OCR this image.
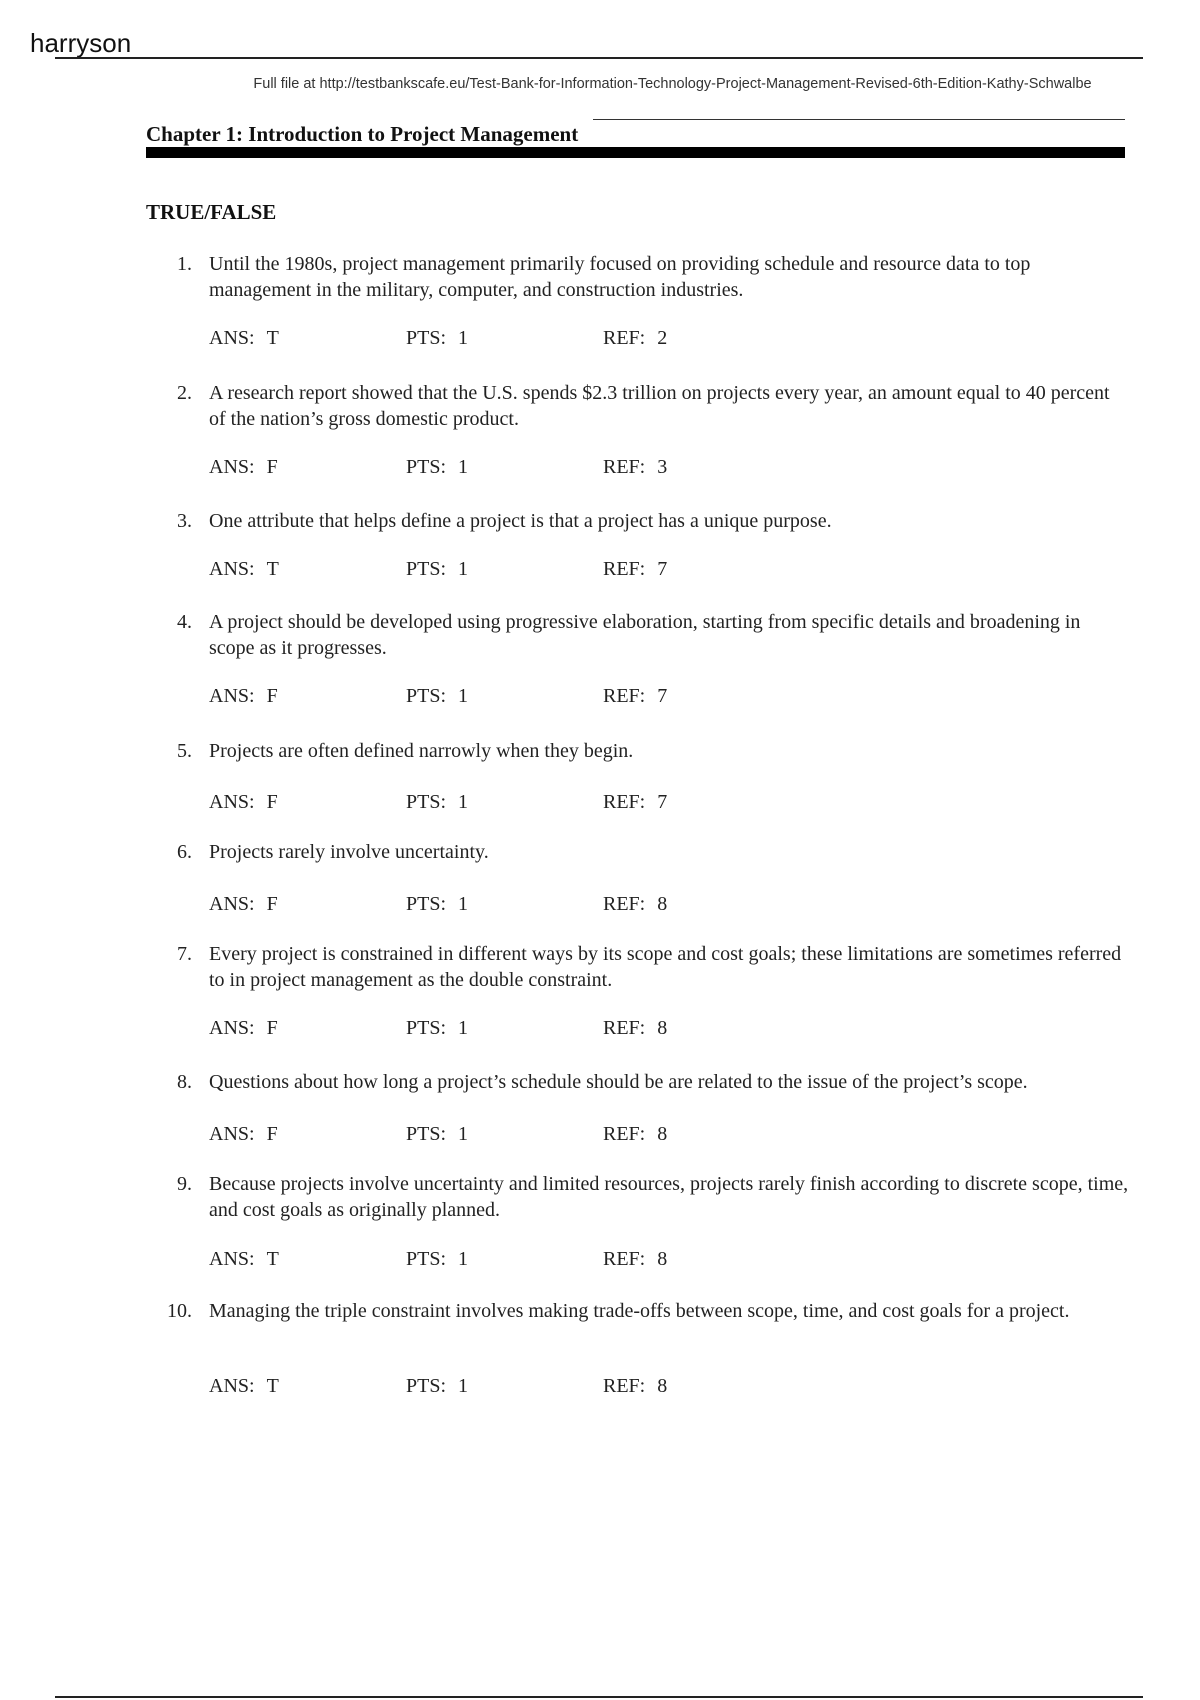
harryson
Full file at http://testbankscafe.eu/Test-Bank-for-Information-Technology-Project-Management-Revised-6th-Edition-Kathy-Schwalbe
Chapter 1: Introduction to Project Management
TRUE/FALSE
1. Until the 1980s, project management primarily focused on providing schedule and resource data to top management in the military, computer, and construction industries.
ANS: T	PTS: 1	REF: 2
2. A research report showed that the U.S. spends $2.3 trillion on projects every year, an amount equal to 40 percent of the nation’s gross domestic product.
ANS: F	PTS: 1	REF: 3
3. One attribute that helps define a project is that a project has a unique purpose.
ANS: T	PTS: 1	REF: 7
4. A project should be developed using progressive elaboration, starting from specific details and broadening in scope as it progresses.
ANS: F	PTS: 1	REF: 7
5. Projects are often defined narrowly when they begin.
ANS: F	PTS: 1	REF: 7
6. Projects rarely involve uncertainty.
ANS: F	PTS: 1	REF: 8
7. Every project is constrained in different ways by its scope and cost goals; these limitations are sometimes referred to in project management as the double constraint.
ANS: F	PTS: 1	REF: 8
8. Questions about how long a project’s schedule should be are related to the issue of the project’s scope.
ANS: F	PTS: 1	REF: 8
9. Because projects involve uncertainty and limited resources, projects rarely finish according to discrete scope, time, and cost goals as originally planned.
ANS: T	PTS: 1	REF: 8
10. Managing the triple constraint involves making trade-offs between scope, time, and cost goals for a project.
ANS: T	PTS: 1	REF: 8
